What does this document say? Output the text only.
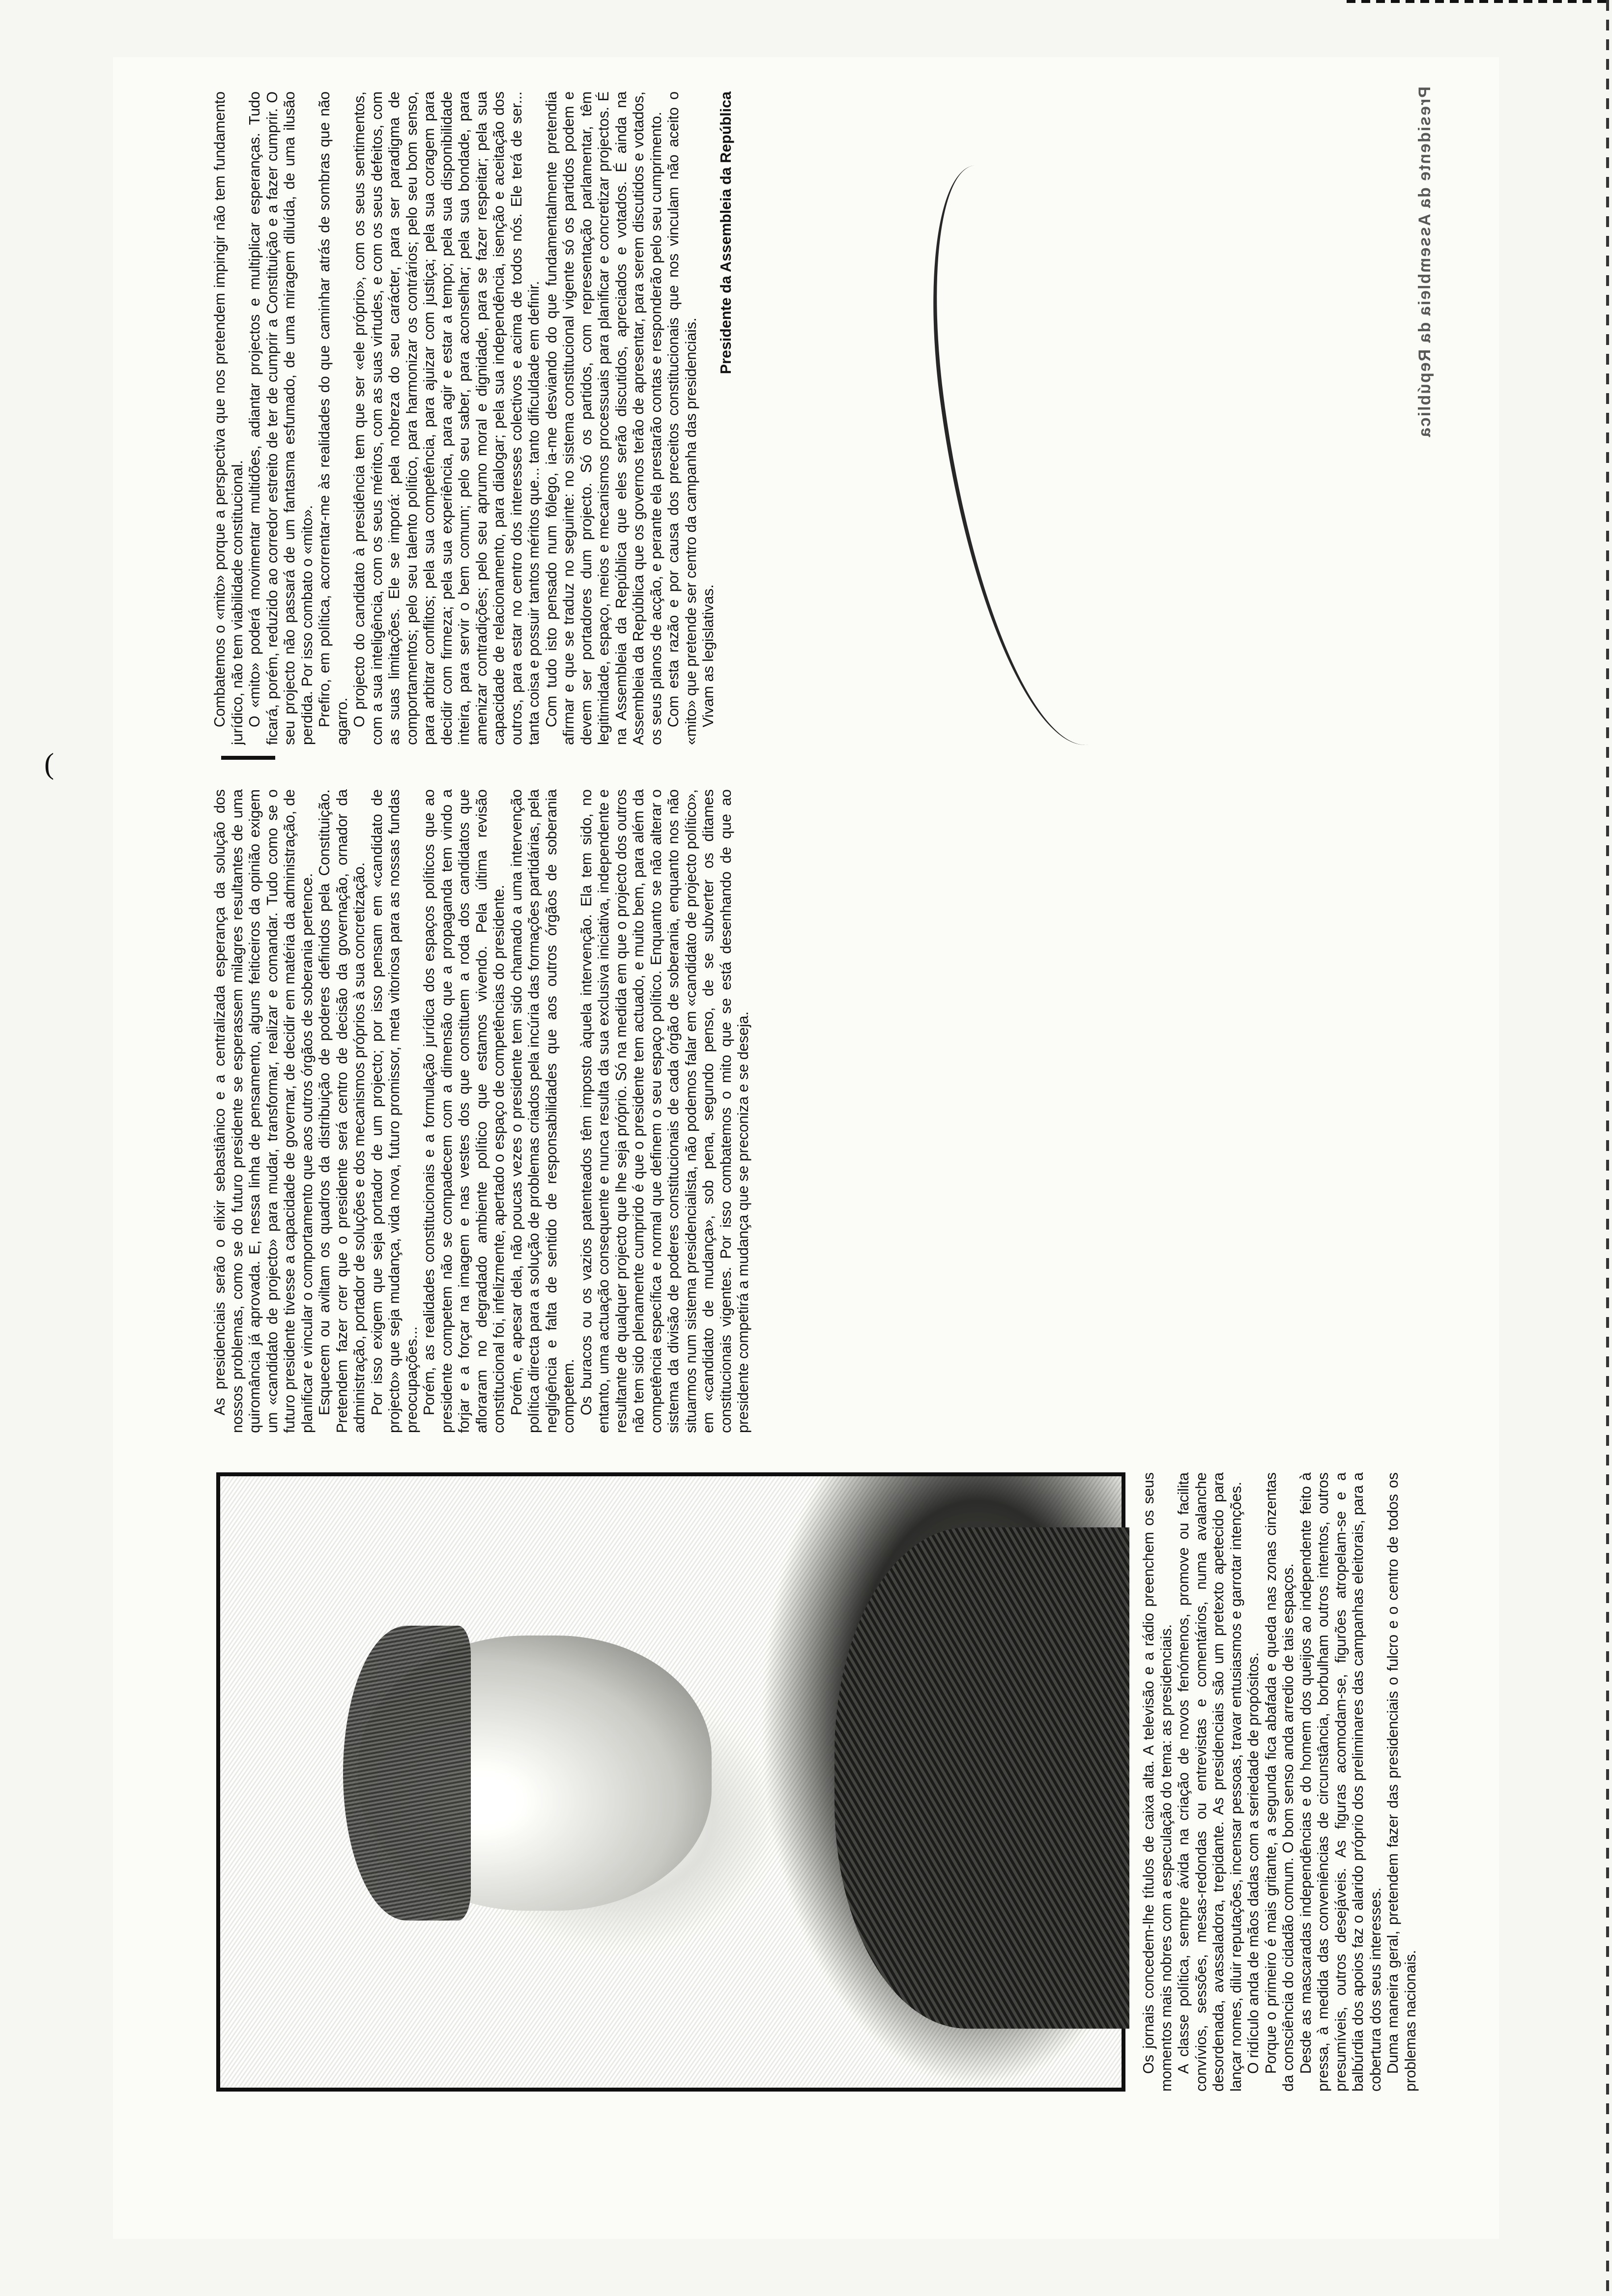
Os jornais concedem-lhe títulos de caixa alta. A televisão e a rádio preenchem os seus momentos mais nobres com a especulação do tema: as presidenciais. A classe política, sempre ávida na criação de novos fenómenos, promove ou facilita convívios, sessões, mesas-redondas ou entrevistas e comentários, numa avalanche desordenada, avassaladora, trepidante. As presidenciais são um pretexto apetecido para lançar nomes, diluir reputações, incensar pessoas, travar entusiasmos e garrotar intenções. O ridículo anda de mãos dadas com a seriedade de propósitos. Porque o primeiro é mais gritante, a segunda fica abafada e queda nas zonas cinzentas da consciência do cidadão comum. O bom senso anda arredio de tais espaços. Desde as mascaradas independências e do homem dos queijos ao independente feito à pressa, à medida das conveniências de circunstância, borbulham outros intentos, outros presumíveis, outros desejáveis. As figuras acomodam-se, figurões atropelam-se e a balbúrdia dos apoios faz o alarido próprio dos preliminares das campanhas eleitorais, para a cobertura dos seus interesses. Duma maneira geral, pretendem fazer das presidenciais o fulcro e o centro de todos os problemas nacionais.

As presidenciais serão o elixir sebastiânico e a centralizada esperança da solução dos nossos problemas, como se do futuro presidente se esperassem milagres resultantes de uma quiromância já aprovada. E, nessa linha de pensamento, alguns feiticeiros da opinião exigem um «candidato de projecto» para mudar, transformar, realizar e comandar. Tudo como se o futuro presidente tivesse a capacidade de governar, de decidir em matéria da administração, de planificar e vincular o comportamento que aos outros órgãos de soberania pertence. Esquecem ou aviltam os quadros da distribuição de poderes definidos pela Constituição. Pretendem fazer crer que o presidente será centro de decisão da governação, ornador da administração, portador de soluções e dos mecanismos próprios à sua concretização. Por isso exigem que seja portador de um projecto; por isso pensam em «candidato de projecto» que seja mudança, vida nova, futuro promissor, meta vitoriosa para as nossas fundas preocupações... Porém, as realidades constitucionais e a formulação jurídica dos espaços políticos que ao presidente competem não se compadecem com a dimensão que a propaganda tem vindo a forjar e a forçar na imagem e nas vestes dos que constituem a roda dos candidatos que afloraram no degradado ambiente político que estamos vivendo. Pela última revisão constitucional foi, infelizmente, apertado o espaço de competências do presidente. Porém, e apesar dela, não poucas vezes o presidente tem sido chamado a uma intervenção política directa para a solução de problemas criados pela incúria das formações partidárias, pela negligência e falta de sentido de responsabilidades que aos outros órgãos de soberania competem. Os buracos ou os vazios patenteados têm imposto àquela intervenção. Ela tem sido, no entanto, uma actuação consequente e nunca resulta da sua exclusiva iniciativa, independente e resultante de qualquer projecto que lhe seja próprio. Só na medida em que o projecto dos outros não tem sido plenamente cumprido é que o presidente tem actuado, e muito bem, para além da competência específica e normal que definem o seu espaço político. Enquanto se não alterar o sistema da divisão de poderes constitucionais de cada órgão de soberania, enquanto nos não situarmos num sistema presidencialista, não podemos falar em «candidato de projecto político», em «candidato de mudança», sob pena, segundo penso, de se subverter os ditames constitucionais vigentes. Por isso combatemos o mito que se está desenhando de que ao presidente competirá a mudança que se preconiza e se deseja.

Combatemos o «mito» porque a perspectiva que nos pretendem impingir não tem fundamento jurídico, não tem viabilidade constitucional. O «mito» poderá movimentar multidões, adiantar projectos e multiplicar esperanças. Tudo ficará, porém, reduzido ao corredor estreito de ter de cumprir a Constituição e a fazer cumprir. O seu projecto não passará de um fantasma esfumado, de uma miragem diluída, de uma ilusão perdida. Por isso combato o «mito». Prefiro, em política, acorrentar-me às realidades do que caminhar atrás de sombras que não agarro. O projecto do candidato à presidência tem que ser «ele próprio», com os seus sentimentos, com a sua inteligência, com os seus méritos, com as suas virtudes, e com os seus defeitos, com as suas limitações. Ele se imporá: pela nobreza do seu carácter, para ser paradigma de comportamentos; pelo seu talento político, para harmonizar os contrários; pelo seu bom senso, para arbitrar conflitos; pela sua competência, para ajuizar com justiça; pela sua coragem para decidir com firmeza; pela sua experiência, para agir e estar a tempo; pela sua disponibilidade inteira, para servir o bem comum; pelo seu saber, para aconselhar; pela sua bondade, para amenizar contradições; pelo seu aprumo moral e dignidade, para se fazer respeitar; pela sua capacidade de relacionamento, para dialogar; pela sua independência, isenção e aceitação dos outros, para estar no centro dos interesses colectivos e acima de todos nós. Ele terá de ser... tanta coisa e possuir tantos méritos que... tanto dificuldade em definir. Com tudo isto pensado num fôlego, ia-me desviando do que fundamentalmente pretendia afirmar e que se traduz no seguinte: no sistema constitucional vigente só os partidos podem e devem ser portadores dum projecto. Só os partidos, com representação parlamentar, têm legitimidade, espaço, meios e mecanismos processuais para planificar e concretizar projectos. É na Assembleia da República que eles serão discutidos, apreciados e votados. É ainda na Assembleia da República que os governos terão de apresentar, para serem discutidos e votados, os seus planos de acção, e perante ela prestarão contas e responderão pelo seu cumprimento. Com esta razão e por causa dos preceitos constitucionais que nos vinculam não aceito o «mito» que pretende ser centro da campanha das presidenciais. Vivam as legislativas.

Presidente da Assembleia da República	Presidente da Assembleia da República
(
